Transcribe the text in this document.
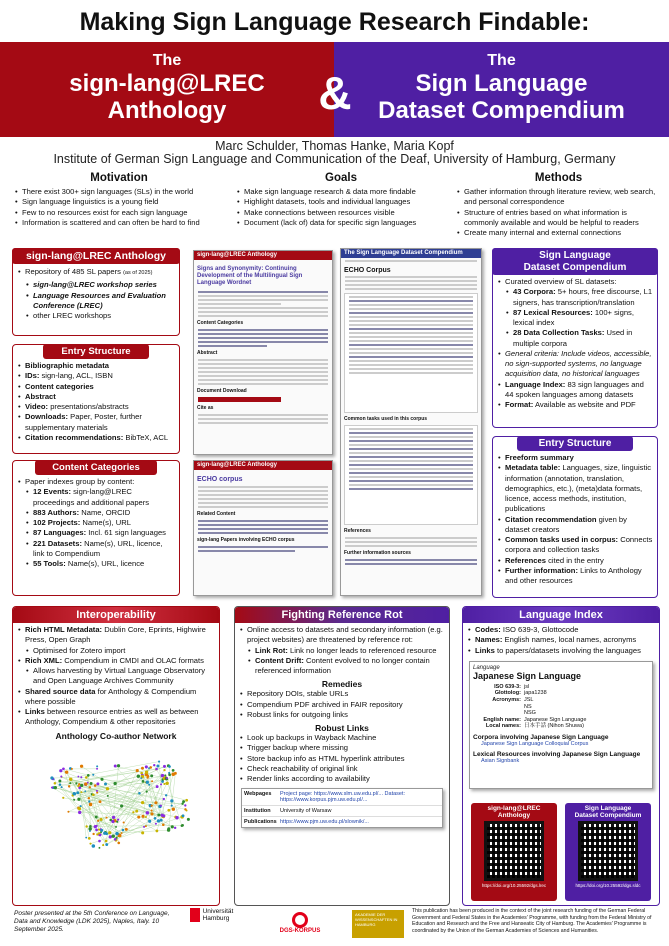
Making Sign Language Research Findable:
The
sign-lang@LREC
Anthology
The
Sign Language
Dataset Compendium
&
Marc Schulder, Thomas Hanke, Maria Kopf
Institute of German Sign Language and Communication of the Deaf, University of Hamburg, Germany
Motivation
• There exist 300+ sign languages (SLs) in the world
• Sign language linguistics is a young field
• Few to no resources exist for each sign language
• Information is scattered and can often be hard to find
Goals
• Make sign language research & data more findable
• Highlight datasets, tools and individual languages
• Make connections between resources visible
• Document (lack of) data for specific sign languages
Methods
• Gather information through literature review, web search, and personal correspondence
• Structure of entries based on what information is commonly available and would be helpful to readers
• Create many internal and external connections
sign-lang@LREC Anthology
• Repository of 485 SL papers (as of 2025)
• sign-lang@LREC workshop series
• Language Resources and Evaluation Conference (LREC)
• other LREC workshops
Entry Structure
• Bibliographic metadata
• IDs: sign-lang, ACL, ISBN
• Content categories
• Abstract
• Video: presentations/abstracts
• Downloads: Paper, Poster, further supplementary materials
• Citation recommendations: BibTeX, ACL
Content Categories
• Paper indexes group by content:
• 12 Events: sign-lang@LREC proceedings and additional papers
• 883 Authors: Name, ORCID
• 102 Projects: Name(s), URL
• 87 Languages: Incl. 61 sign languages
• 221 Datasets: Name(s), URL, licence, link to Compendium
• 55 Tools: Name(s), URL, licence
sign-lang@LREC Anthology
Signs and Synonymity: Continuing Development of the Multilingual Sign Language Wordnet
Content Categories
Abstract
Document Download
Cite as
sign-lang@LREC Anthology
ECHO corpus
Related Content
sign-lang Papers involving ECHO corpus
The Sign Language Dataset Compendium
ECHO Corpus
Common tasks used in this corpus
References
Further information sources
Sign Language
Dataset Compendium
• Curated overview of SL datasets:
• 43 Corpora: 5+ hours, free discourse, L1 signers, has transcription/translation
• 87 Lexical Resources: 100+ signs, lexical index
• 28 Data Collection Tasks: Used in multiple corpora
• General criteria: Include videos, accessible, no sign-supported systems, no language acquisition data, no historical languages
• Language Index: 83 sign languages and 44 spoken languages among datasets
• Format: Available as website and PDF
Entry Structure
• Freeform summary
• Metadata table: Languages, size, linguistic information (annotation, translation, demographics, etc.), (meta)data formats, licence, access methods, institution, publications
• Citation recommendation given by dataset creators
• Common tasks used in corpus: Connects corpora and collection tasks
• References cited in the entry
• Further information: Links to Anthology and other resources
Interoperability
• Rich HTML Metadata: Dublin Core, Eprints, Highwire Press, Open Graph
• Optimised for Zotero import
• Rich XML: Compendium in CMDI and OLAC formats
• Allows harvesting by Virtual Language Observatory and Open Language Archives Community
• Shared source data for Anthology & Compendium where possible
• Links between resource entries as well as between Anthology, Compendium & other repositories
Anthology Co-author Network
Fighting Reference Rot
• Online access to datasets and secondary information (e.g. project websites) are threatened by reference rot:
• Link Rot: Link no longer leads to referenced resource
• Content Drift: Content evolved to no longer contain referenced information
Remedies
• Repository DOIs, stable URLs
• Compendium PDF archived in FAIR repository
• Robust links for outgoing links
Robust Links
• Look up backups in Wayback Machine
• Trigger backup where missing
• Store backup info as HTML hyperlink attributes
• Check reachability of original link
• Render links according to availability
Webpages	Project page: https://www.slm.uw.edu.pl/... Dataset: https://www.korpus.pjm.uw.edu.pl/...
Institution	University of Warsaw
Publications https://www.pjm.uw.edu.pl/slownik/...
Language Index
• Codes: ISO 639-3, Glottocode
• Names: English names, local names, acronyms
• Links to papers/datasets involving the languages
Language
Japanese Sign Language
ISO 639-3: jsl
Glottolog: japa1238
Acronyms: JSL
NS
NSG
English name: Japanese Sign Language
Local names: 日本手話 (Nihon Shuwa)
Corpora involving Japanese Sign Language
Japanese Sign Language Colloquial Corpus
Lexical Resources involving Japanese Sign Language
Asian Signbank
sign-lang@LREC
Anthology
https://doi.org/10.25592/dgs.lrec
Sign Language
Dataset Compendium
https://doi.org/10.25592/dgs.sldc
Poster presented at the 5th Conference on Language, Data and Knowledge (LDK 2025), Naples, Italy. 10 September 2025.
Universität Hamburg
DGS-KORPUS
AKADEMIE DER WISSENSCHAFTEN IN HAMBURG
This publication has been produced in the context of the joint research funding of the German Federal Government and Federal States in the Academies' Programme, with funding from the Federal Ministry of Education and Research and the Free and Hanseatic City of Hamburg. The Academies' Programme is coordinated by the Union of the German Academies of Sciences and Humanities.
